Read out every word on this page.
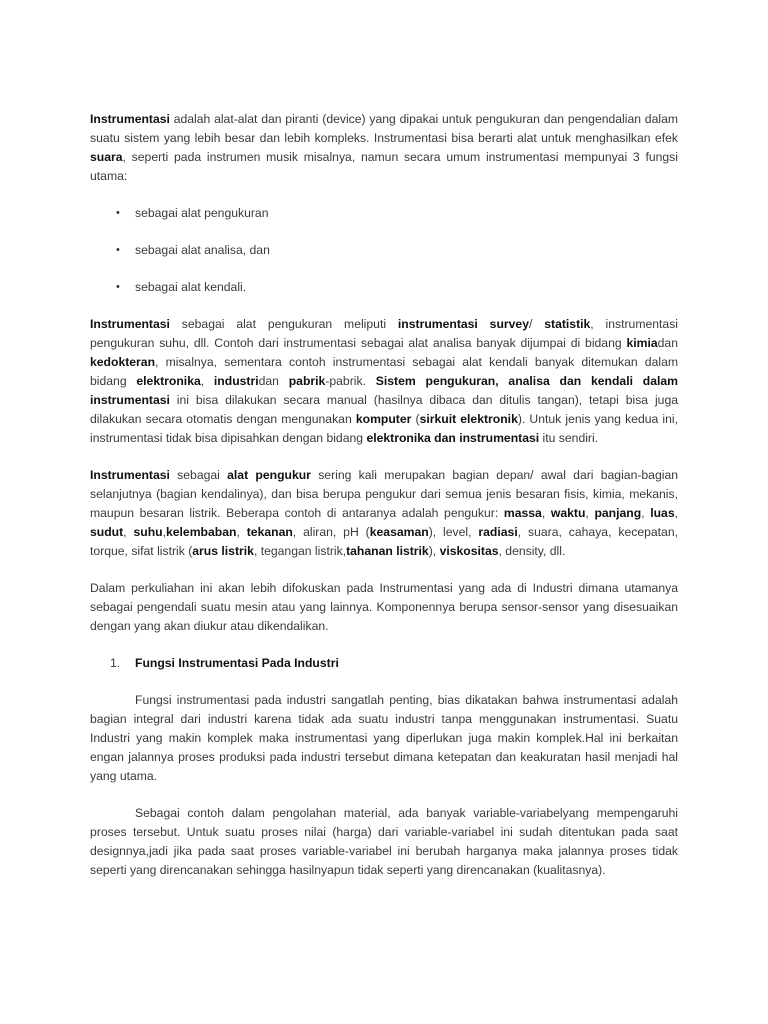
Instrumentasi adalah alat-alat dan piranti (device) yang dipakai untuk pengukuran dan pengendalian dalam suatu sistem yang lebih besar dan lebih kompleks. Instrumentasi bisa berarti alat untuk menghasilkan efek suara, seperti pada instrumen musik misalnya, namun secara umum instrumentasi mempunyai 3 fungsi utama:

• sebagai alat pengukuran
• sebagai alat analisa, dan
• sebagai alat kendali.

Instrumentasi sebagai alat pengukuran meliputi instrumentasi survey/ statistik, instrumentasi pengukuran suhu, dll. Contoh dari instrumentasi sebagai alat analisa banyak dijumpai di bidang kimiadan kedokteran, misalnya, sementara contoh instrumentasi sebagai alat kendali banyak ditemukan dalam bidang elektronika, industridan pabrik-pabrik. Sistem pengukuran, analisa dan kendali dalam instrumentasi ini bisa dilakukan secara manual (hasilnya dibaca dan ditulis tangan), tetapi bisa juga dilakukan secara otomatis dengan mengunakan komputer (sirkuit elektronik). Untuk jenis yang kedua ini, instrumentasi tidak bisa dipisahkan dengan bidang elektronika dan instrumentasi itu sendiri.

Instrumentasi sebagai alat pengukur sering kali merupakan bagian depan/ awal dari bagian-bagian selanjutnya (bagian kendalinya), dan bisa berupa pengukur dari semua jenis besaran fisis, kimia, mekanis, maupun besaran listrik. Beberapa contoh di antaranya adalah pengukur: massa, waktu, panjang, luas, sudut, suhu,kelembaban, tekanan, aliran, pH (keasaman), level, radiasi, suara, cahaya, kecepatan, torque, sifat listrik (arus listrik, tegangan listrik,tahanan listrik), viskositas, density, dll.

Dalam perkuliahan ini akan lebih difokuskan pada Instrumentasi yang ada di Industri dimana utamanya sebagai pengendali suatu mesin atau yang lainnya. Komponennya berupa sensor-sensor yang disesuaikan dengan yang akan diukur atau dikendalikan.

1. Fungsi Instrumentasi Pada Industri

Fungsi instrumentasi pada industri sangatlah penting, bias dikatakan bahwa instrumentasi adalah bagian integral dari industri karena tidak ada suatu industri tanpa menggunakan instrumentasi. Suatu Industri yang makin komplek maka instrumentasi yang diperlukan juga makin komplek.Hal ini berkaitan engan jalannya proses produksi pada industri tersebut dimana ketepatan dan keakuratan hasil menjadi hal yang utama.

Sebagai contoh dalam pengolahan material, ada banyak variable-variabelyang mempengaruhi proses tersebut. Untuk suatu proses nilai (harga) dari variable-variabel ini sudah ditentukan pada saat designnya,jadi jika pada saat proses variable-variabel ini berubah harganya maka jalannya proses tidak seperti yang direncanakan sehingga hasilnyapun tidak seperti yang direncanakan (kualitasnya).
